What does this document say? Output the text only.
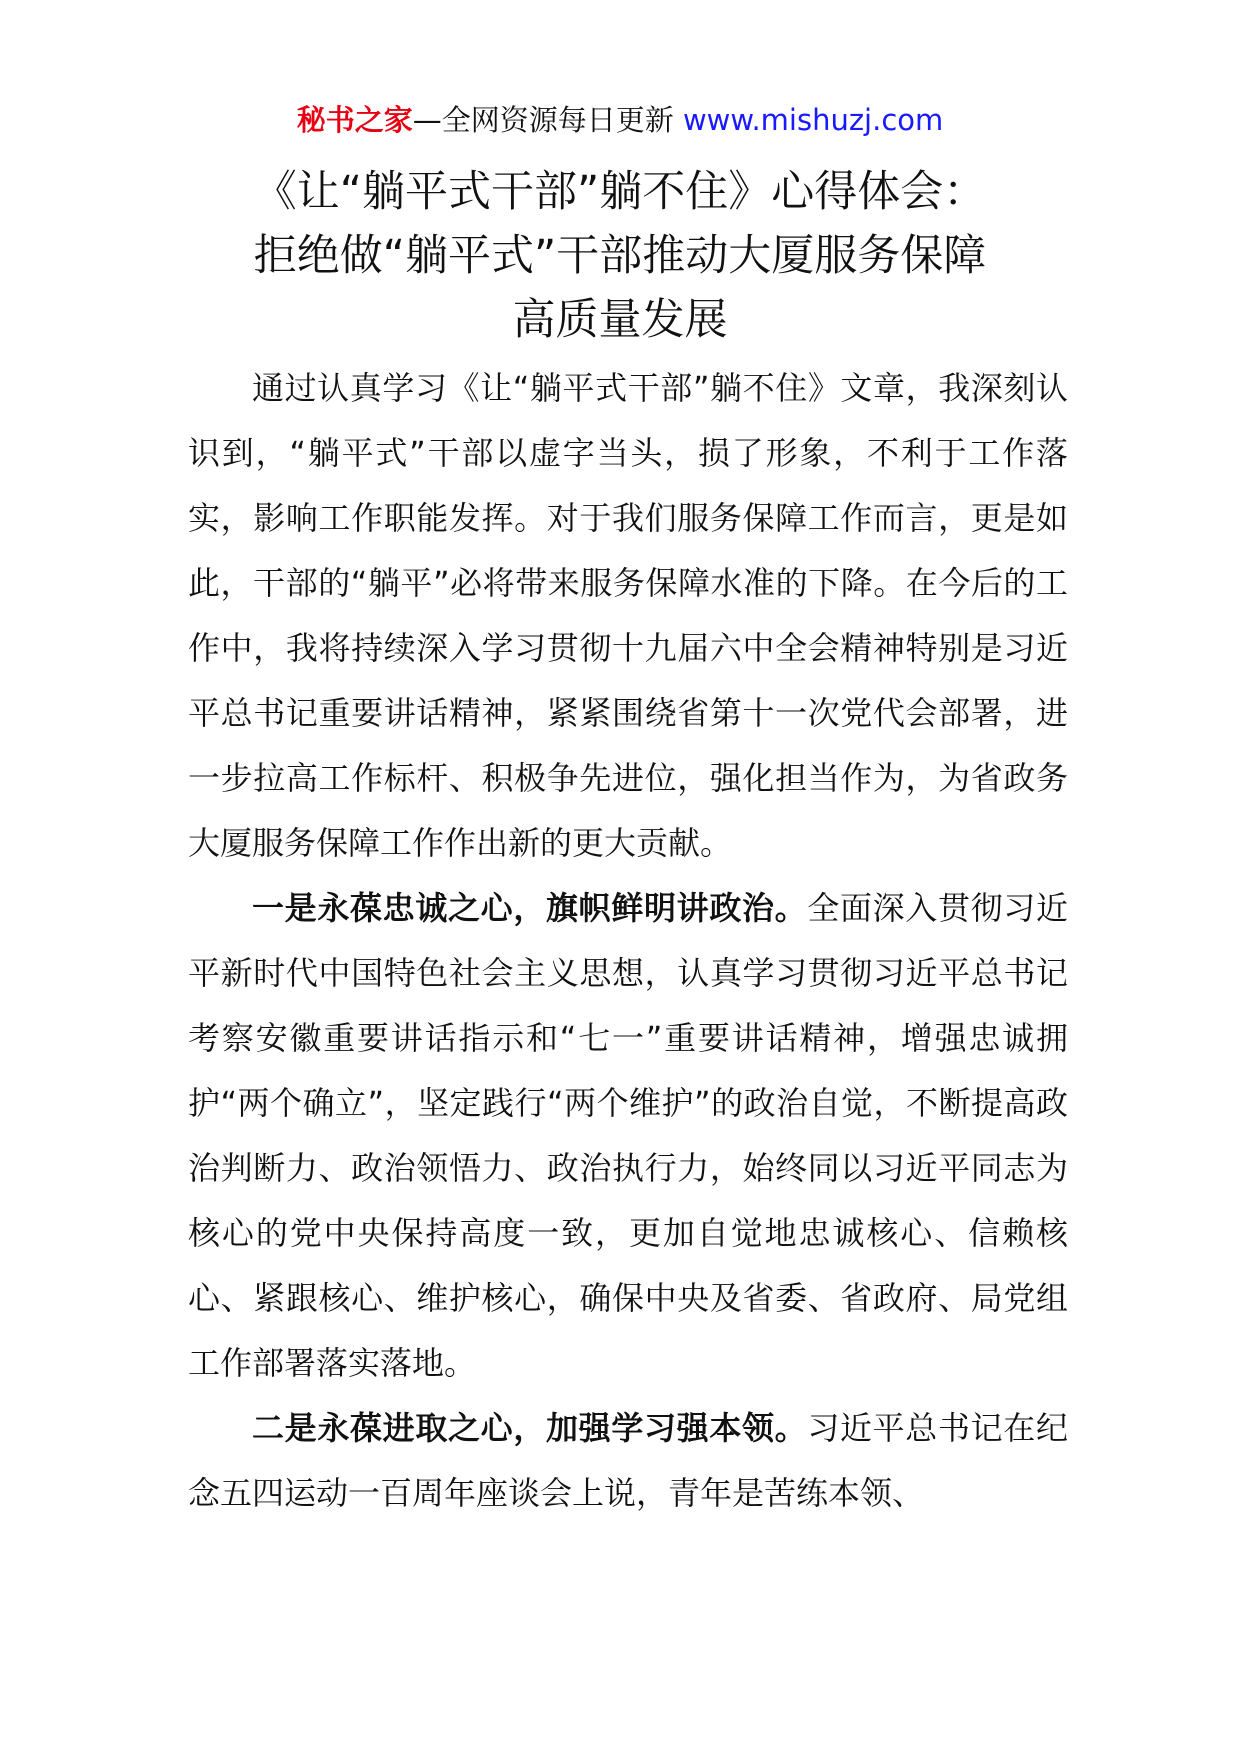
秘书之家—全网资源每日更新 www.mishuzj.com
《让“躺平式干部”躺不住》心得体会：
拒绝做“躺平式”干部推动大厦服务保障
高质量发展

通过认真学习《让“躺平式干部”躺不住》文章，我深刻认识到，“躺平式”干部以虚字当头，损了形象，不利于工作落实，影响工作职能发挥。对于我们服务保障工作而言，更是如此，干部的“躺平”必将带来服务保障水准的下降。在今后的工作中，我将持续深入学习贯彻十九届六中全会精神特别是习近平总书记重要讲话精神，紧紧围绕省第十一次党代会部署，进一步拉高工作标杆、积极争先进位，强化担当作为，为省政务大厦服务保障工作作出新的更大贡献。

一是永葆忠诚之心，旗帜鲜明讲政治。全面深入贯彻习近平新时代中国特色社会主义思想，认真学习贯彻习近平总书记考察安徽重要讲话指示和“七一”重要讲话精神，增强忠诚拥护“两个确立”，坚定践行“两个维护”的政治自觉，不断提高政治判断力、政治领悟力、政治执行力，始终同以习近平同志为核心的党中央保持高度一致，更加自觉地忠诚核心、信赖核心、紧跟核心、维护核心，确保中央及省委、省政府、局党组工作部署落实落地。

二是永葆进取之心，加强学习强本领。习近平总书记在纪念五四运动一百周年座谈会上说，青年是苦练本领、
